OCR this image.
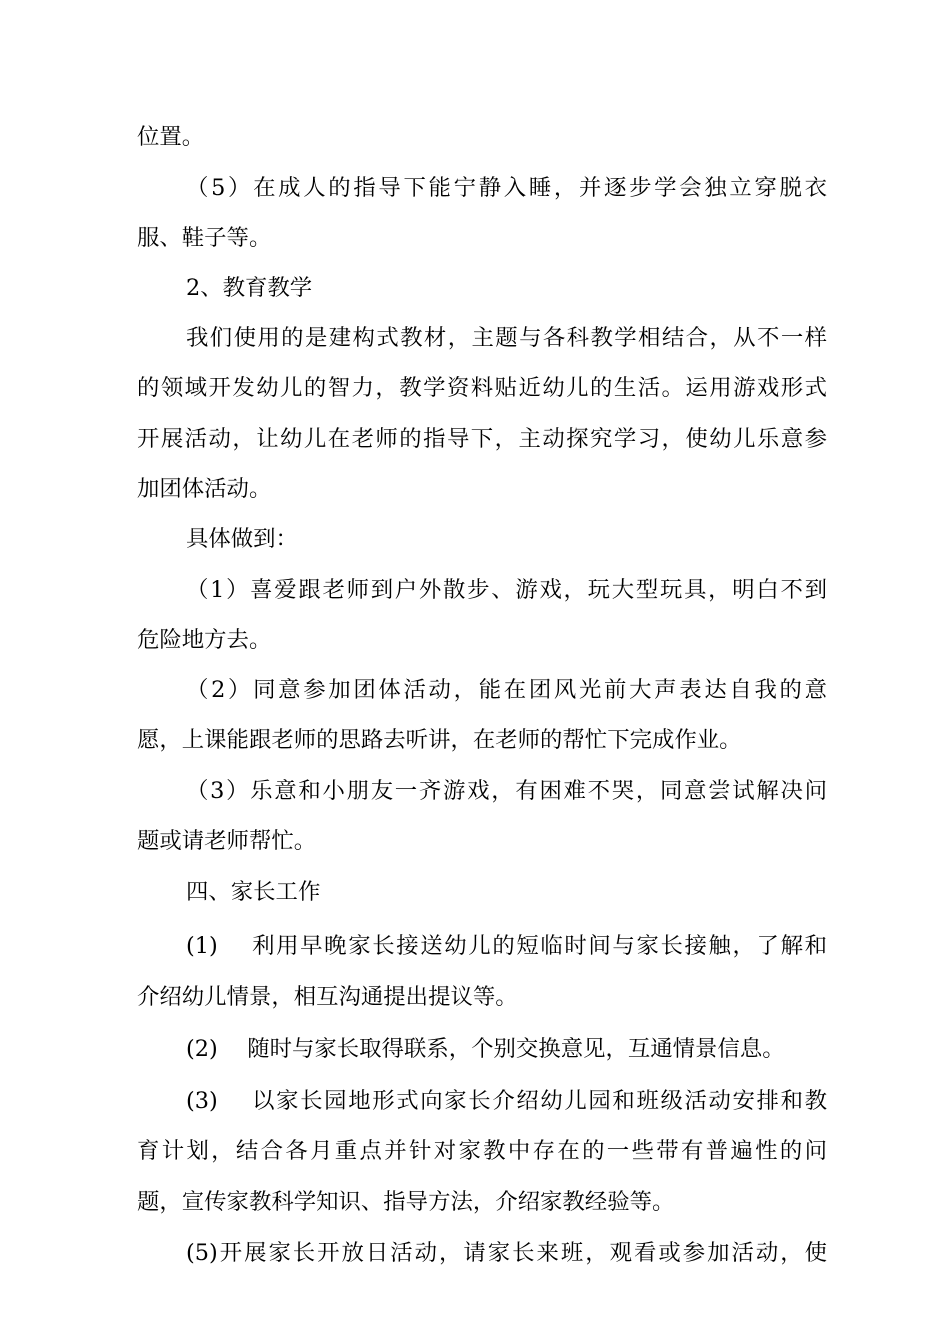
位置。
（5）在成人的指导下能宁静入睡，并逐步学会独立穿脱衣
服、鞋子等。
2、教育教学
我们使用的是建构式教材，主题与各科教学相结合，从不一样
的领域开发幼儿的智力，教学资料贴近幼儿的生活。运用游戏形式
开展活动，让幼儿在老师的指导下，主动探究学习，使幼儿乐意参
加团体活动。
具体做到：
（1）喜爱跟老师到户外散步、游戏，玩大型玩具，明白不到
危险地方去。
（2）同意参加团体活动，能在团风光前大声表达自我的意
愿，上课能跟老师的思路去听讲，在老师的帮忙下完成作业。
（3）乐意和小朋友一齐游戏，有困难不哭，同意尝试解决问
题或请老师帮忙。
四、家长工作
(1)　 利用早晚家长接送幼儿的短临时间与家长接触，了解和
介绍幼儿情景，相互沟通提出提议等。
(2)　 随时与家长取得联系，个别交换意见，互通情景信息。
(3)　 以家长园地形式向家长介绍幼儿园和班级活动安排和教
育计划，结合各月重点并针对家教中存在的一些带有普遍性的问
题，宣传家教科学知识、指导方法，介绍家教经验等。
(5)开展家长开放日活动，请家长来班，观看或参加活动，使
